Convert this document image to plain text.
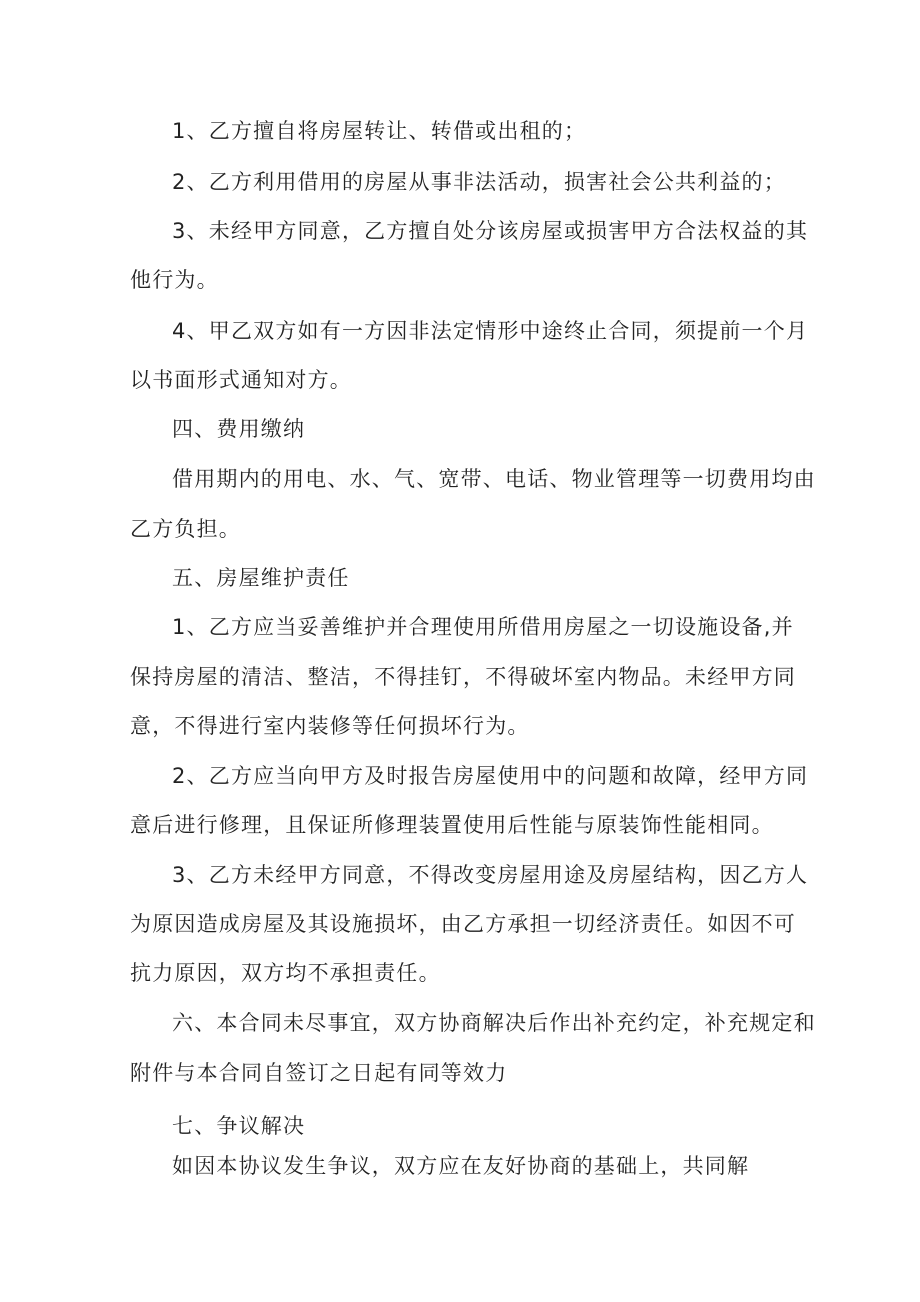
1、乙方擅自将房屋转让、转借或出租的；
2、乙方利用借用的房屋从事非法活动，损害社会公共利益的；
3、未经甲方同意，乙方擅自处分该房屋或损害甲方合法权益的其
他行为。
4、甲乙双方如有一方因非法定情形中途终止合同，须提前一个月
以书面形式通知对方。
四、费用缴纳
借用期内的用电、水、气、宽带、电话、物业管理等一切费用均由
乙方负担。
五、房屋维护责任
1、乙方应当妥善维护并合理使用所借用房屋之一切设施设备,并
保持房屋的清洁、整洁，不得挂钉，不得破坏室内物品。未经甲方同
意，不得进行室内装修等任何损坏行为。
2、乙方应当向甲方及时报告房屋使用中的问题和故障，经甲方同
意后进行修理，且保证所修理装置使用后性能与原装饰性能相同。
3、乙方未经甲方同意，不得改变房屋用途及房屋结构，因乙方人
为原因造成房屋及其设施损坏，由乙方承担一切经济责任。如因不可
抗力原因，双方均不承担责任。
六、本合同未尽事宜，双方协商解决后作出补充约定，补充规定和
附件与本合同自签订之日起有同等效力
七、争议解决
如因本协议发生争议，双方应在友好协商的基础上，共同解
